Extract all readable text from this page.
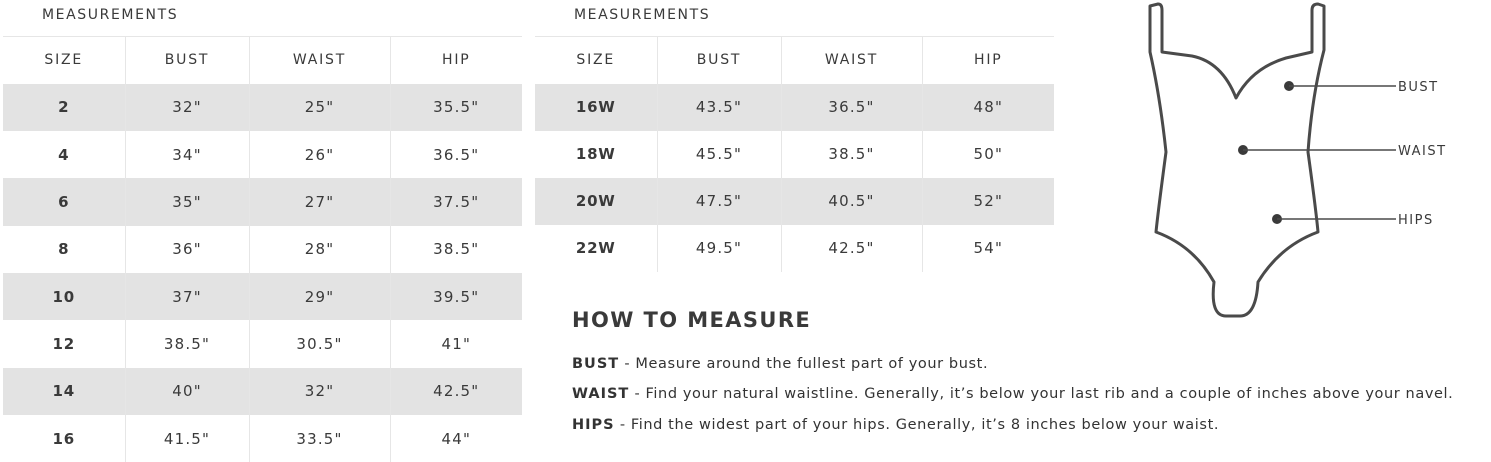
MEASUREMENTS
SIZE	BUST	WAIST	HIP
2	32"	25"	35.5"
4	34"	26"	36.5"
6	35"	27"	37.5"
8	36"	28"	38.5"
10	37"	29"	39.5"
12	38.5"	30.5"	41"
14	40"	32"	42.5"
16	41.5"	33.5"	44"
MEASUREMENTS
SIZE	BUST	WAIST	HIP
16W	43.5"	36.5"	48"
18W	45.5"	38.5"	50"
20W	47.5"	40.5"	52"
22W	49.5"	42.5"	54"
HOW TO MEASURE
BUST - Measure around the fullest part of your bust.
WAIST - Find your natural waistline. Generally, it’s below your last rib and a couple of inches above your navel.
HIPS - Find the widest part of your hips. Generally, it’s 8 inches below your waist.
BUST
WAIST
HIPS
